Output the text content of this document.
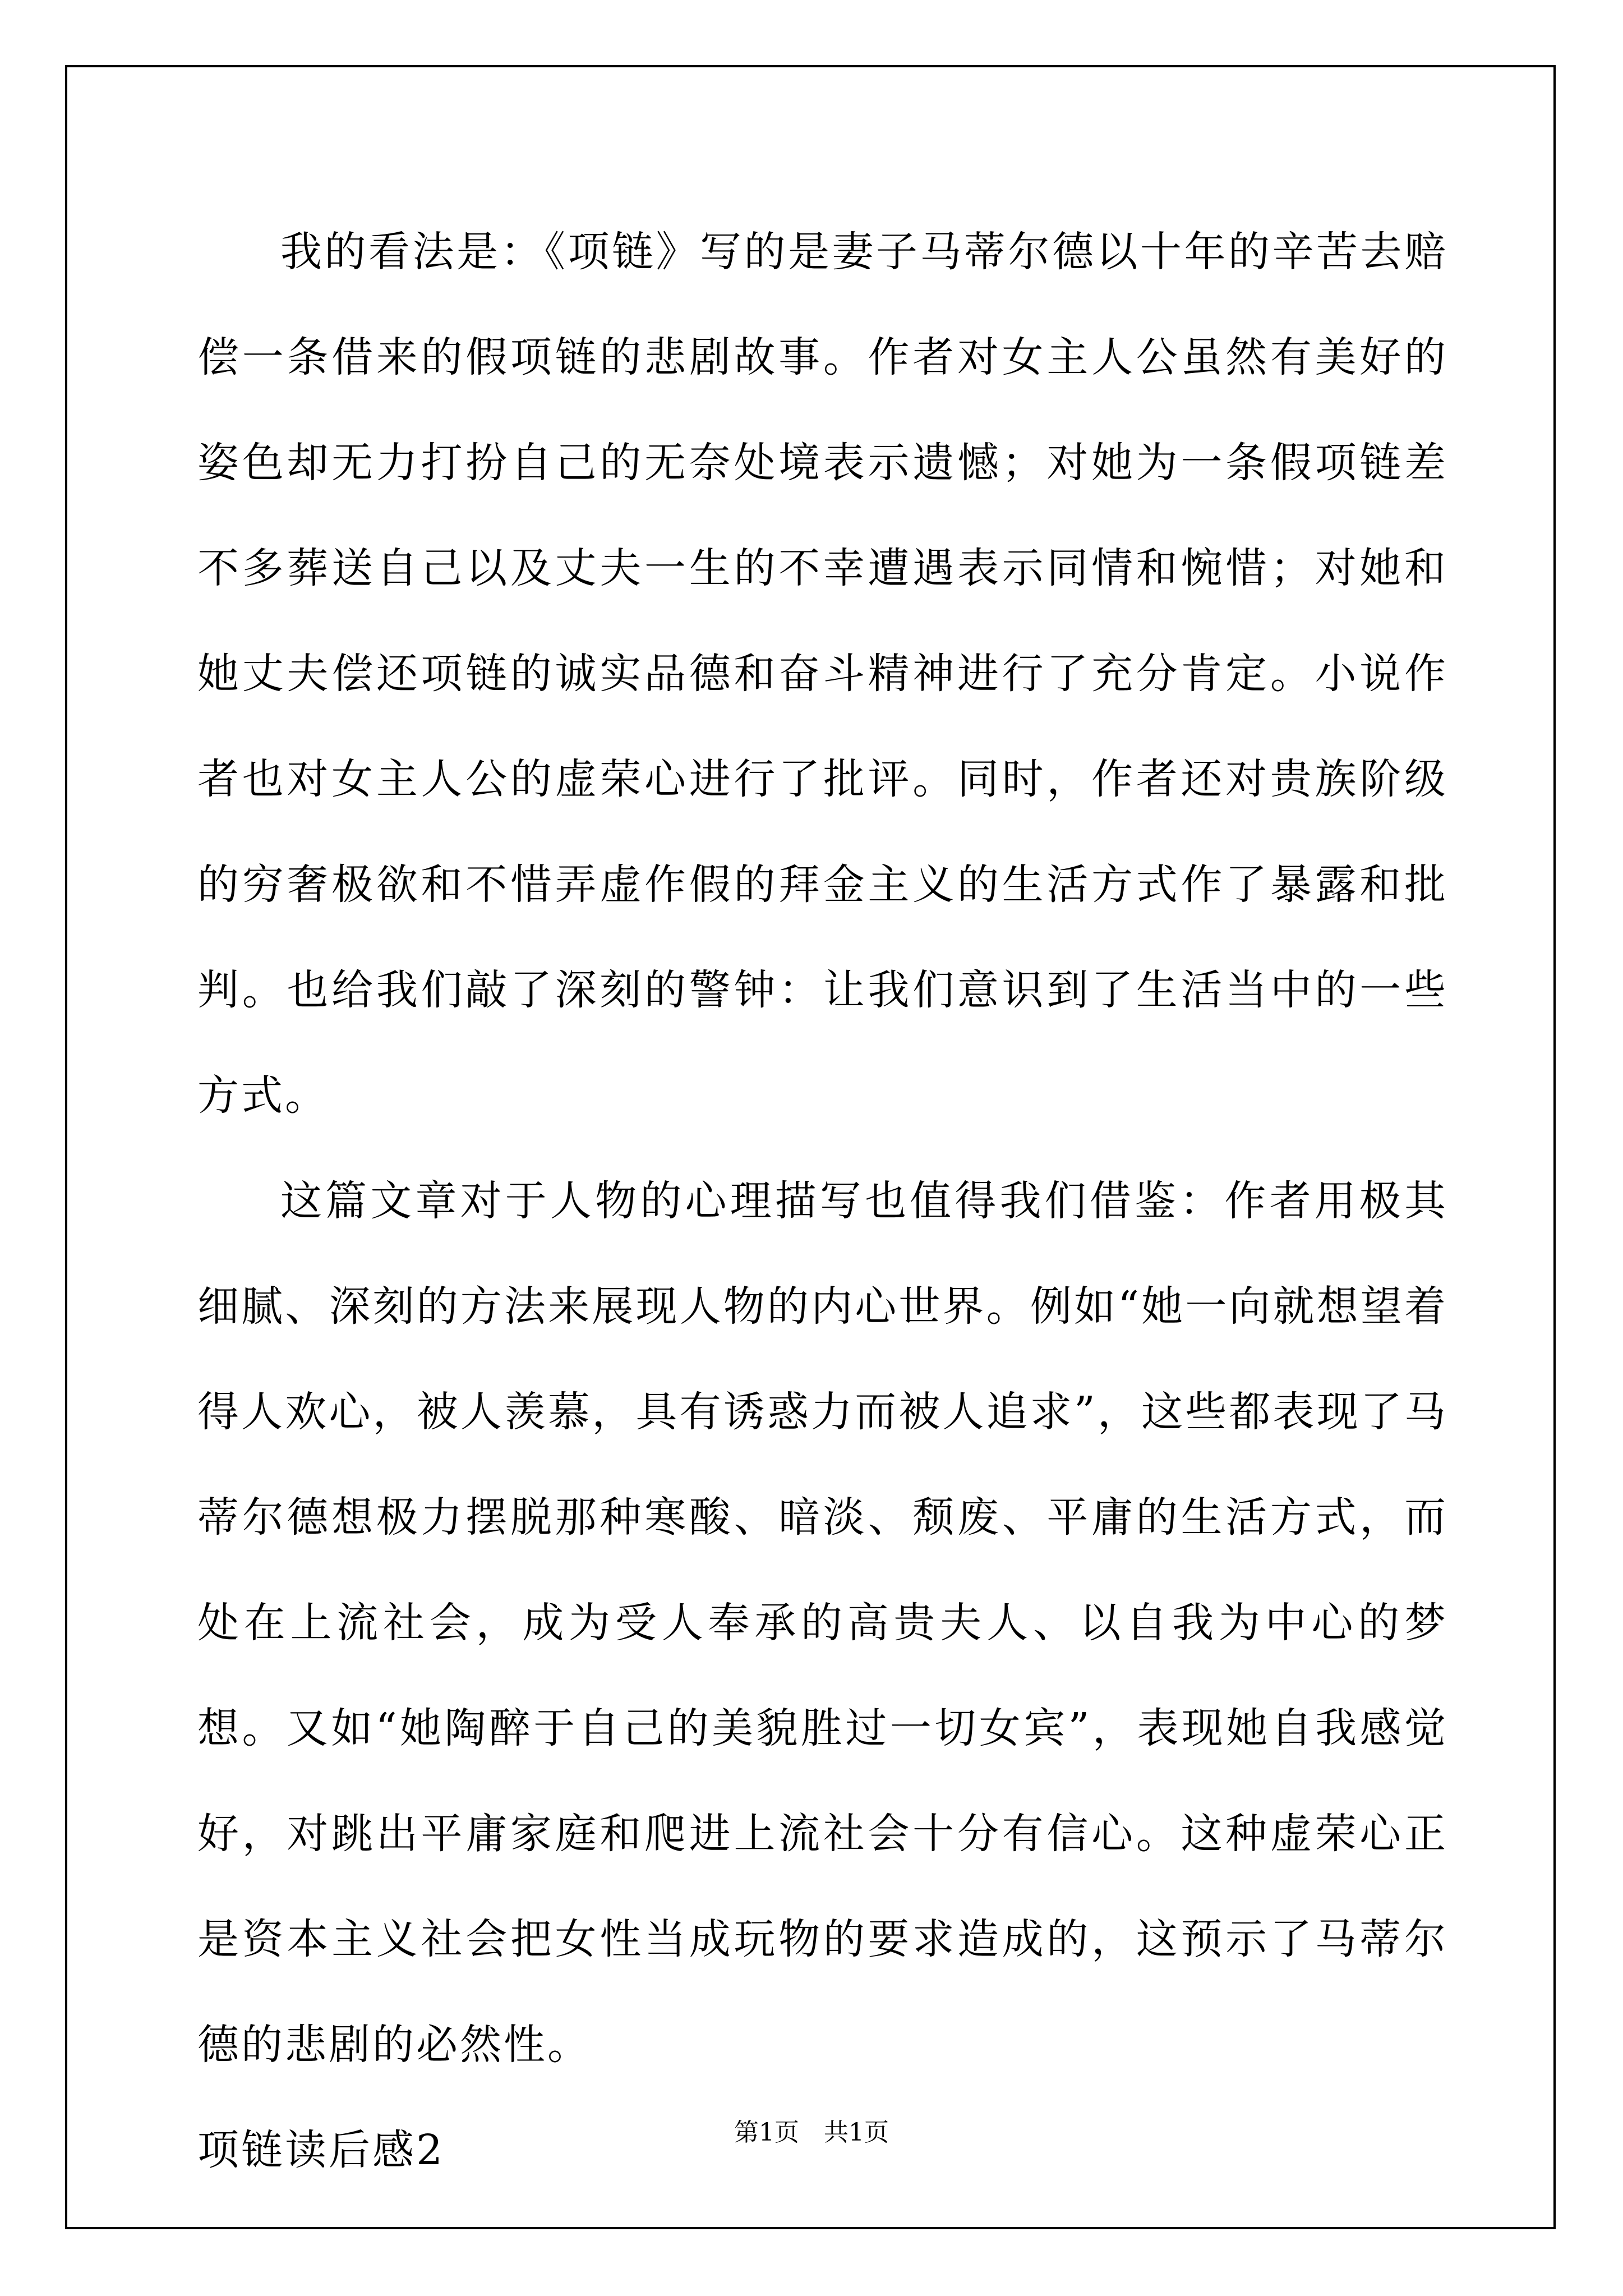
我的看法是：《项链》写的是妻子马蒂尔德以十年的辛苦去赔偿一条借来的假项链的悲剧故事。作者对女主人公虽然有美好的姿色却无力打扮自己的无奈处境表示遗憾；对她为一条假项链差不多葬送自己以及丈夫一生的不幸遭遇表示同情和惋惜；对她和她丈夫偿还项链的诚实品德和奋斗精神进行了充分肯定。小说作者也对女主人公的虚荣心进行了批评。同时，作者还对贵族阶级的穷奢极欲和不惜弄虚作假的拜金主义的生活方式作了暴露和批判。也给我们敲了深刻的警钟：让我们意识到了生活当中的一些方式。

这篇文章对于人物的心理描写也值得我们借鉴：作者用极其细腻、深刻的方法来展现人物的内心世界。例如“她一向就想望着得人欢心，被人羡慕，具有诱惑力而被人追求”，这些都表现了马蒂尔德想极力摆脱那种寒酸、暗淡、颓废、平庸的生活方式，而处在上流社会，成为受人奉承的高贵夫人、以自我为中心的梦想。又如“她陶醉于自己的美貌胜过一切女宾”，表现她自我感觉好，对跳出平庸家庭和爬进上流社会十分有信心。这种虚荣心正是资本主义社会把女性当成玩物的要求造成的，这预示了马蒂尔德的悲剧的必然性。

项链读后感2	第1页　共1页
